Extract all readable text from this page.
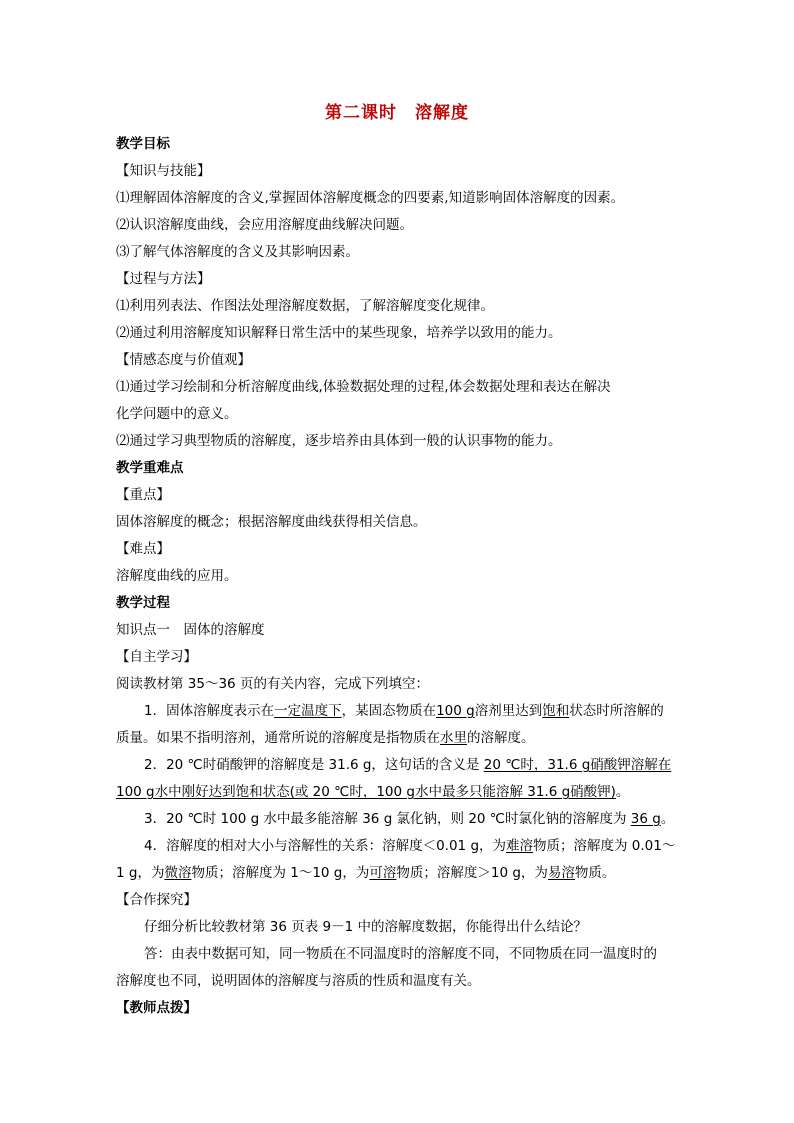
第二课时　溶解度
教学目标
【知识与技能】
⑴理解固体溶解度的含义,掌握固体溶解度概念的四要素,知道影响固体溶解度的因素。
⑵认识溶解度曲线，会应用溶解度曲线解决问题。
⑶了解气体溶解度的含义及其影响因素。
【过程与方法】
⑴利用列表法、作图法处理溶解度数据，了解溶解度变化规律。
⑵通过利用溶解度知识解释日常生活中的某些现象，培养学以致用的能力。
【情感态度与价值观】
⑴通过学习绘制和分析溶解度曲线,体验数据处理的过程,体会数据处理和表达在解决
化学问题中的意义。
⑵通过学习典型物质的溶解度，逐步培养由具体到一般的认识事物的能力。
教学重难点
【重点】
固体溶解度的概念；根据溶解度曲线获得相关信息。
【难点】
溶解度曲线的应用。
教学过程
知识点一　固体的溶解度
【自主学习】
阅读教材第 35～36 页的有关内容，完成下列填空：
1．固体溶解度表示在一定温度下，某固态物质在100 g溶剂里达到饱和状态时所溶解的
质量。如果不指明溶剂，通常所说的溶解度是指物质在水里的溶解度。
2．20 ℃时硝酸钾的溶解度是 31.6 g，这句话的含义是 20 ℃时，31.6 g硝酸钾溶解在
100 g水中刚好达到饱和状态(或 20 ℃时，100 g水中最多只能溶解 31.6 g硝酸钾)。
3．20 ℃时 100 g 水中最多能溶解 36 g 氯化钠，则 20 ℃时氯化钠的溶解度为 36 g。
4．溶解度的相对大小与溶解性的关系：溶解度＜0.01 g，为难溶物质；溶解度为 0.01～
1 g，为微溶物质；溶解度为 1～10 g，为可溶物质；溶解度＞10 g，为易溶物质。
【合作探究】
仔细分析比较教材第 36 页表 9－1 中的溶解度数据，你能得出什么结论？
答：由表中数据可知，同一物质在不同温度时的溶解度不同，不同物质在同一温度时的
溶解度也不同，说明固体的溶解度与溶质的性质和温度有关。
【教师点拨】
